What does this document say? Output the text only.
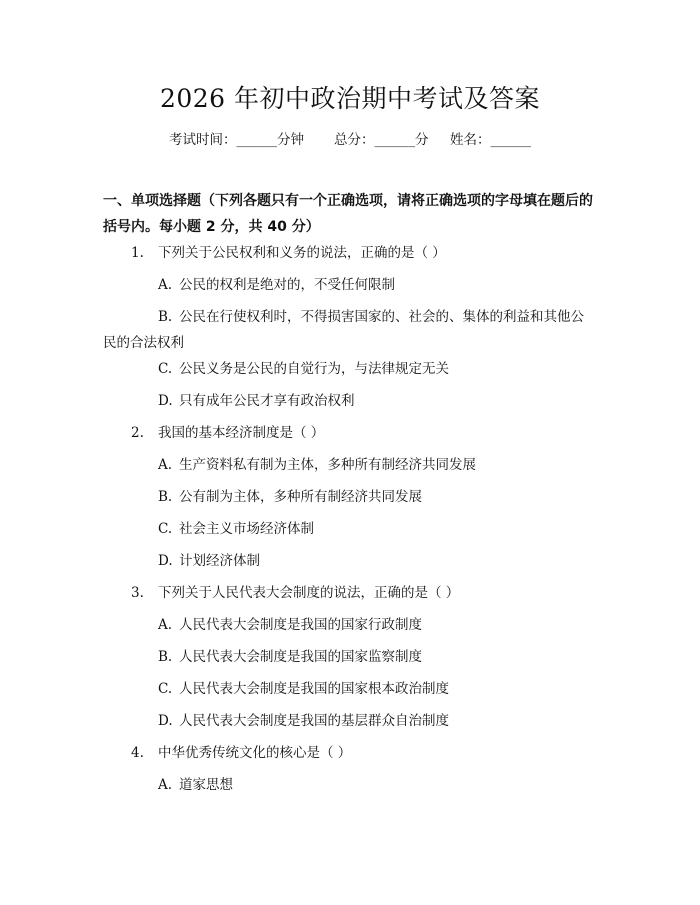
2026 年初中政治期中考试及答案
考试时间：______分钟 总分：______分 姓名：______
一、单项选择题（下列各题只有一个正确选项，请将正确选项的字母填在题后的括号内。每小题 2 分，共 40 分）
1. 下列关于公民权利和义务的说法，正确的是（ ）
A. 公民的权利是绝对的，不受任何限制
B. 公民在行使权利时，不得损害国家的、社会的、集体的利益和其他公民的合法权利
C. 公民义务是公民的自觉行为，与法律规定无关
D. 只有成年公民才享有政治权利
2. 我国的基本经济制度是（ ）
A. 生产资料私有制为主体，多种所有制经济共同发展
B. 公有制为主体，多种所有制经济共同发展
C. 社会主义市场经济体制
D. 计划经济体制
3. 下列关于人民代表大会制度的说法，正确的是（ ）
A. 人民代表大会制度是我国的国家行政制度
B. 人民代表大会制度是我国的国家监察制度
C. 人民代表大会制度是我国的国家根本政治制度
D. 人民代表大会制度是我国的基层群众自治制度
4. 中华优秀传统文化的核心是（ ）
A. 道家思想
